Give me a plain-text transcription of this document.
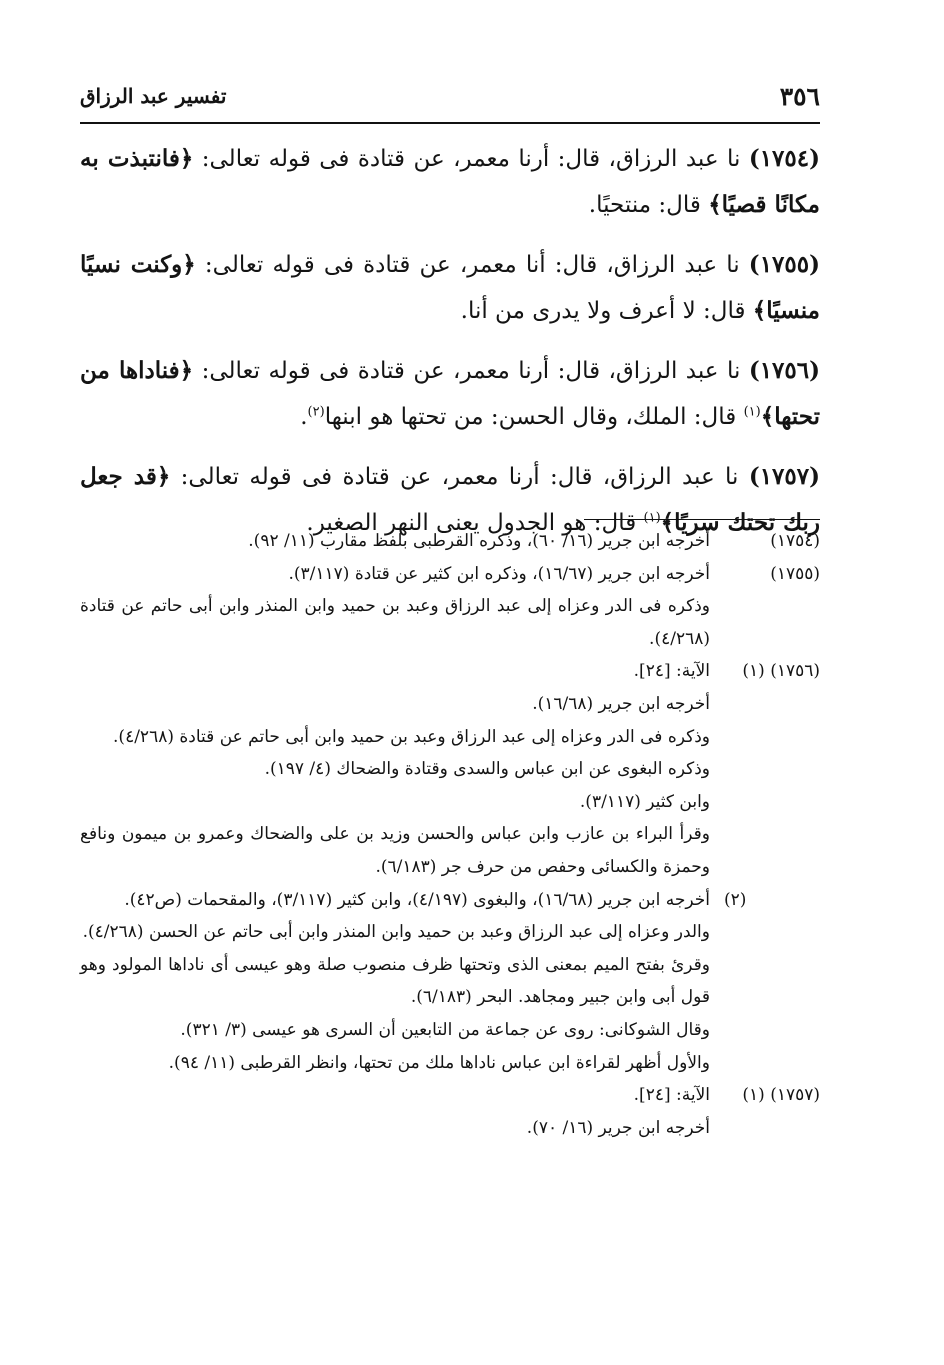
٣٥٦
تفسير عبد الرزاق

(١٧٥٤) نا عبد الرزاق، قال: أرنا معمر، عن قتادة فى قوله تعالى: ﴿فانتبذت به مكانًا قصيًا﴾ قال: منتحيًا.

(١٧٥٥) نا عبد الرزاق، قال: أنا معمر، عن قتادة فى قوله تعالى: ﴿وكنت نسيًا منسيًا﴾ قال: لا أعرف ولا يدرى من أنا.

(١٧٥٦) نا عبد الرزاق، قال: أرنا معمر، عن قتادة فى قوله تعالى: ﴿فناداها من تحتها﴾$^{(١)}$ قال: الملك، وقال الحسن: من تحتها هو ابنها$^{(٢)}$.

(١٧٥٧) نا عبد الرزاق، قال: أرنا معمر، عن قتادة فى قوله تعالى: ﴿قد جعل ربك تحتك سريًا﴾$^{(١)}$ قال: هو الجدول يعنى النهر الصغير.

(١٧٥٤)
أخرجه ابن جرير (١٦/ ٦٠)، وذكره القرطبى بلفظ مقارب (١١/ ٩٢).
(١٧٥٥)
أخرجه ابن جرير (١٦/٦٧)، وذكره ابن كثير عن قتادة (٣/١١٧).
وذكره فى الدر وعزاه إلى عبد الرزاق وعبد بن حميد وابن المنذر وابن أبى حاتم عن قتادة (٤/٢٦٨).
(١٧٥٦) (١)
الآية: [٢٤].
أخرجه ابن جرير (١٦/٦٨).
وذكره فى الدر وعزاه إلى عبد الرزاق وعبد بن حميد وابن أبى حاتم عن قتادة (٤/٢٦٨).
وذكره البغوى عن ابن عباس والسدى وقتادة والضحاك (٤/ ١٩٧).
وابن كثير (٣/١١٧).
وقرأ البراء بن عازب وابن عباس والحسن وزيد بن على والضحاك وعمرو بن ميمون ونافع وحمزة والكسائى وحفص من حرف جر (٦/١٨٣).
(٢)
أخرجه ابن جرير (١٦/٦٨)، والبغوى (٤/١٩٧)، وابن كثير (٣/١١٧)، والمقحمات (ص٤٢).
والدر وعزاه إلى عبد الرزاق وعبد بن حميد وابن المنذر وابن أبى حاتم عن الحسن (٤/٢٦٨).
وقرئ بفتح الميم بمعنى الذى وتحتها ظرف منصوب صلة وهو عيسى أى ناداها المولود وهو قول أبى وابن جبير ومجاهد. البحر (٦/١٨٣).
وقال الشوكانى: روى عن جماعة من التابعين أن السرى هو عيسى (٣/ ٣٢١).
والأول أظهر لقراءة ابن عباس ناداها ملك من تحتها، وانظر القرطبى (١١/ ٩٤).
(١٧٥٧) (١)
الآية: [٢٤].
أخرجه ابن جرير (١٦/ ٧٠).
